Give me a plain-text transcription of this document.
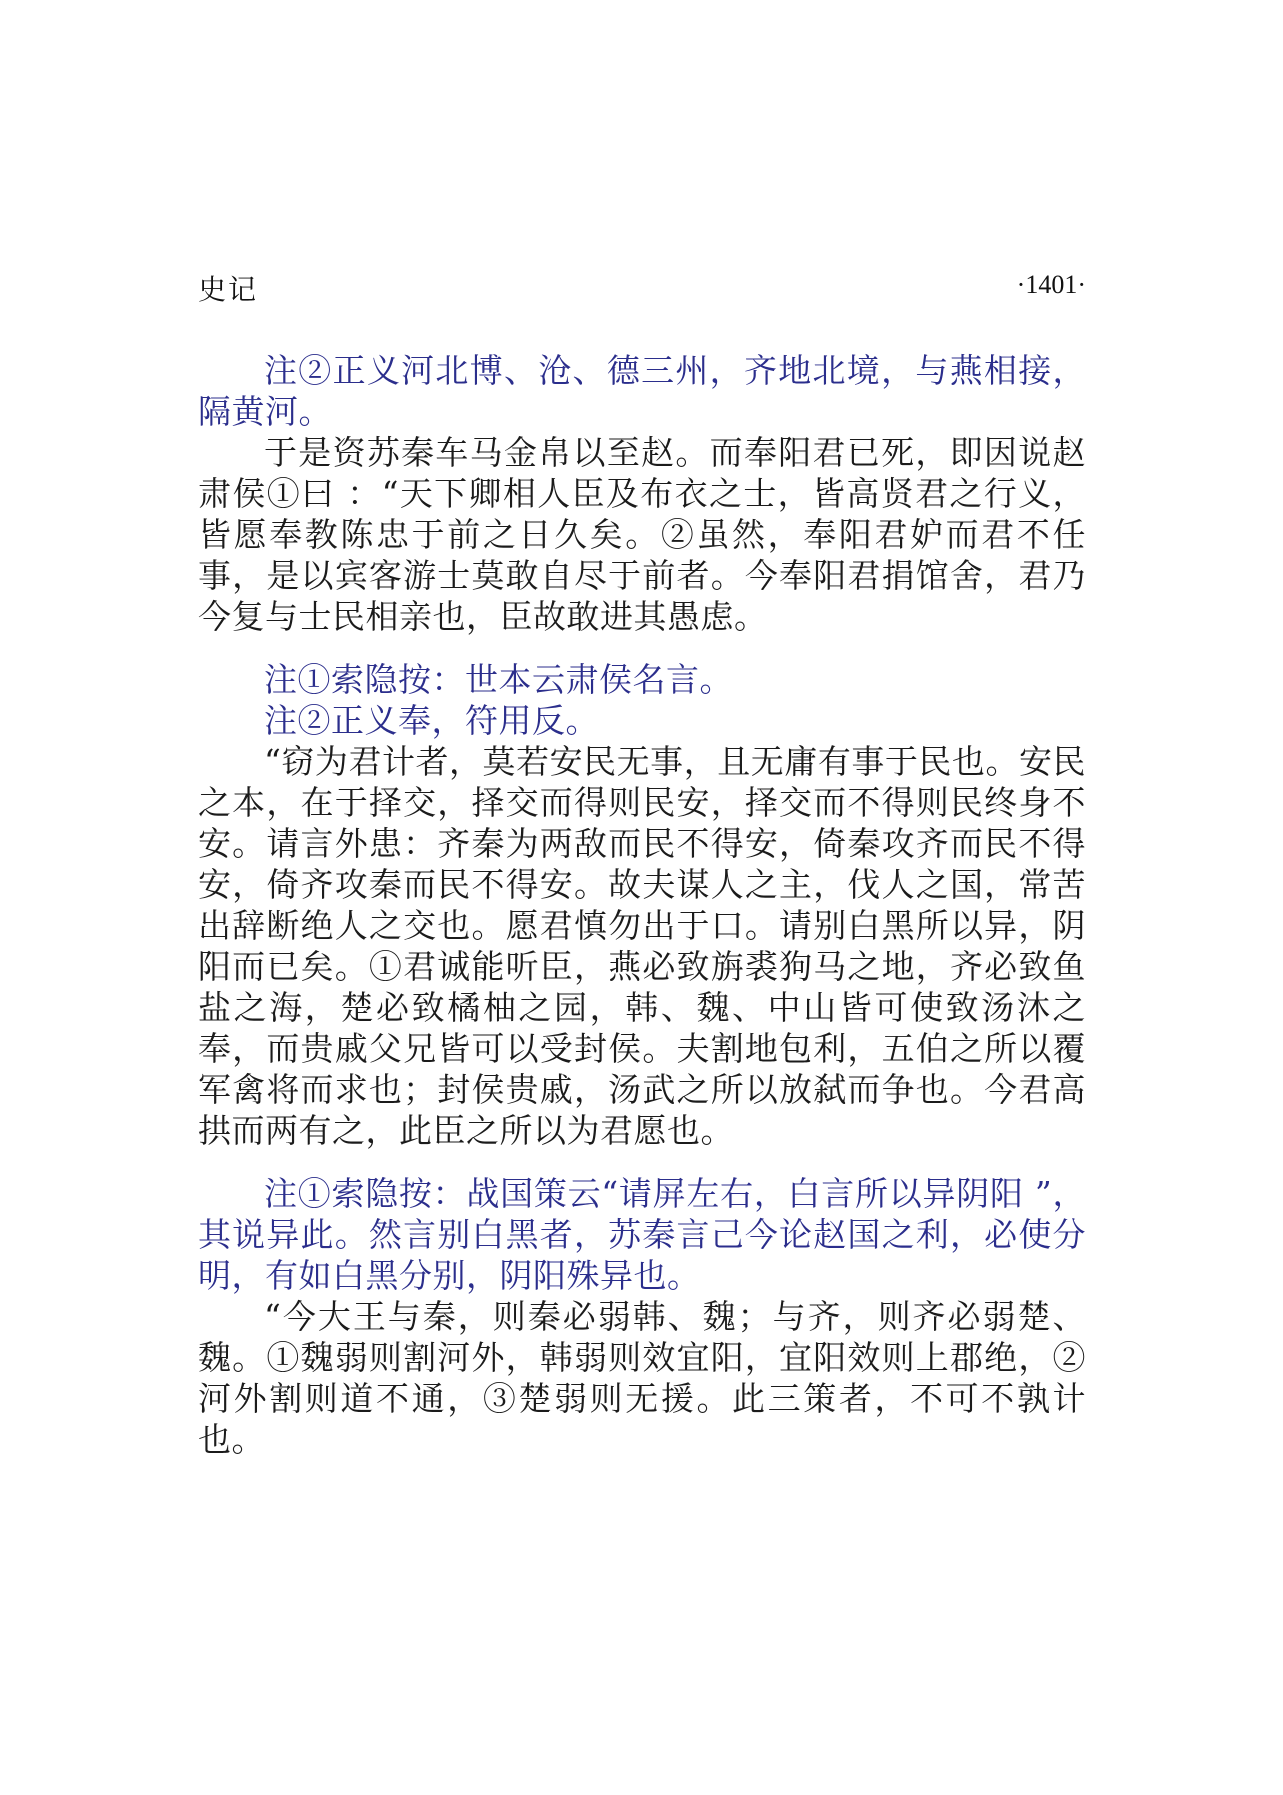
史记	·1401·

注②正义河北博、沧、德三州，齐地北境，与燕相接，隔黄河。

于是资苏秦车马金帛以至赵。而奉阳君已死，即因说赵肃侯①曰 ：“天下卿相人臣及布衣之士，皆高贤君之行义，皆愿奉教陈忠于前之日久矣。②虽然，奉阳君妒而君不任事，是以宾客游士莫敢自尽于前者。今奉阳君捐馆舍，君乃今复与士民相亲也，臣故敢进其愚虑。

注①索隐按：世本云肃侯名言。

注②正义奉，符用反。

“窃为君计者，莫若安民无事，且无庸有事于民也。安民之本，在于择交，择交而得则民安，择交而不得则民终身不安。请言外患：齐秦为两敌而民不得安，倚秦攻齐而民不得安，倚齐攻秦而民不得安。故夫谋人之主，伐人之国，常苦出辞断绝人之交也。愿君慎勿出于口。请别白黑所以异，阴阳而已矣。①君诚能听臣，燕必致旃裘狗马之地，齐必致鱼盐之海，楚必致橘柚之园，韩、魏、中山皆可使致汤沐之奉，而贵戚父兄皆可以受封侯。夫割地包利，五伯之所以覆军禽将而求也；封侯贵戚，汤武之所以放弑而争也。今君高拱而两有之，此臣之所以为君愿也。

注①索隐按：战国策云“请屏左右，白言所以异阴阳 ”，其说异此。然言别白黑者，苏秦言己今论赵国之利，必使分明，有如白黑分别，阴阳殊异也。

“今大王与秦，则秦必弱韩、魏；与齐，则齐必弱楚、魏。①魏弱则割河外，韩弱则效宜阳，宜阳效则上郡绝，②河外割则道不通，③楚弱则无援。此三策者，不可不孰计也。
